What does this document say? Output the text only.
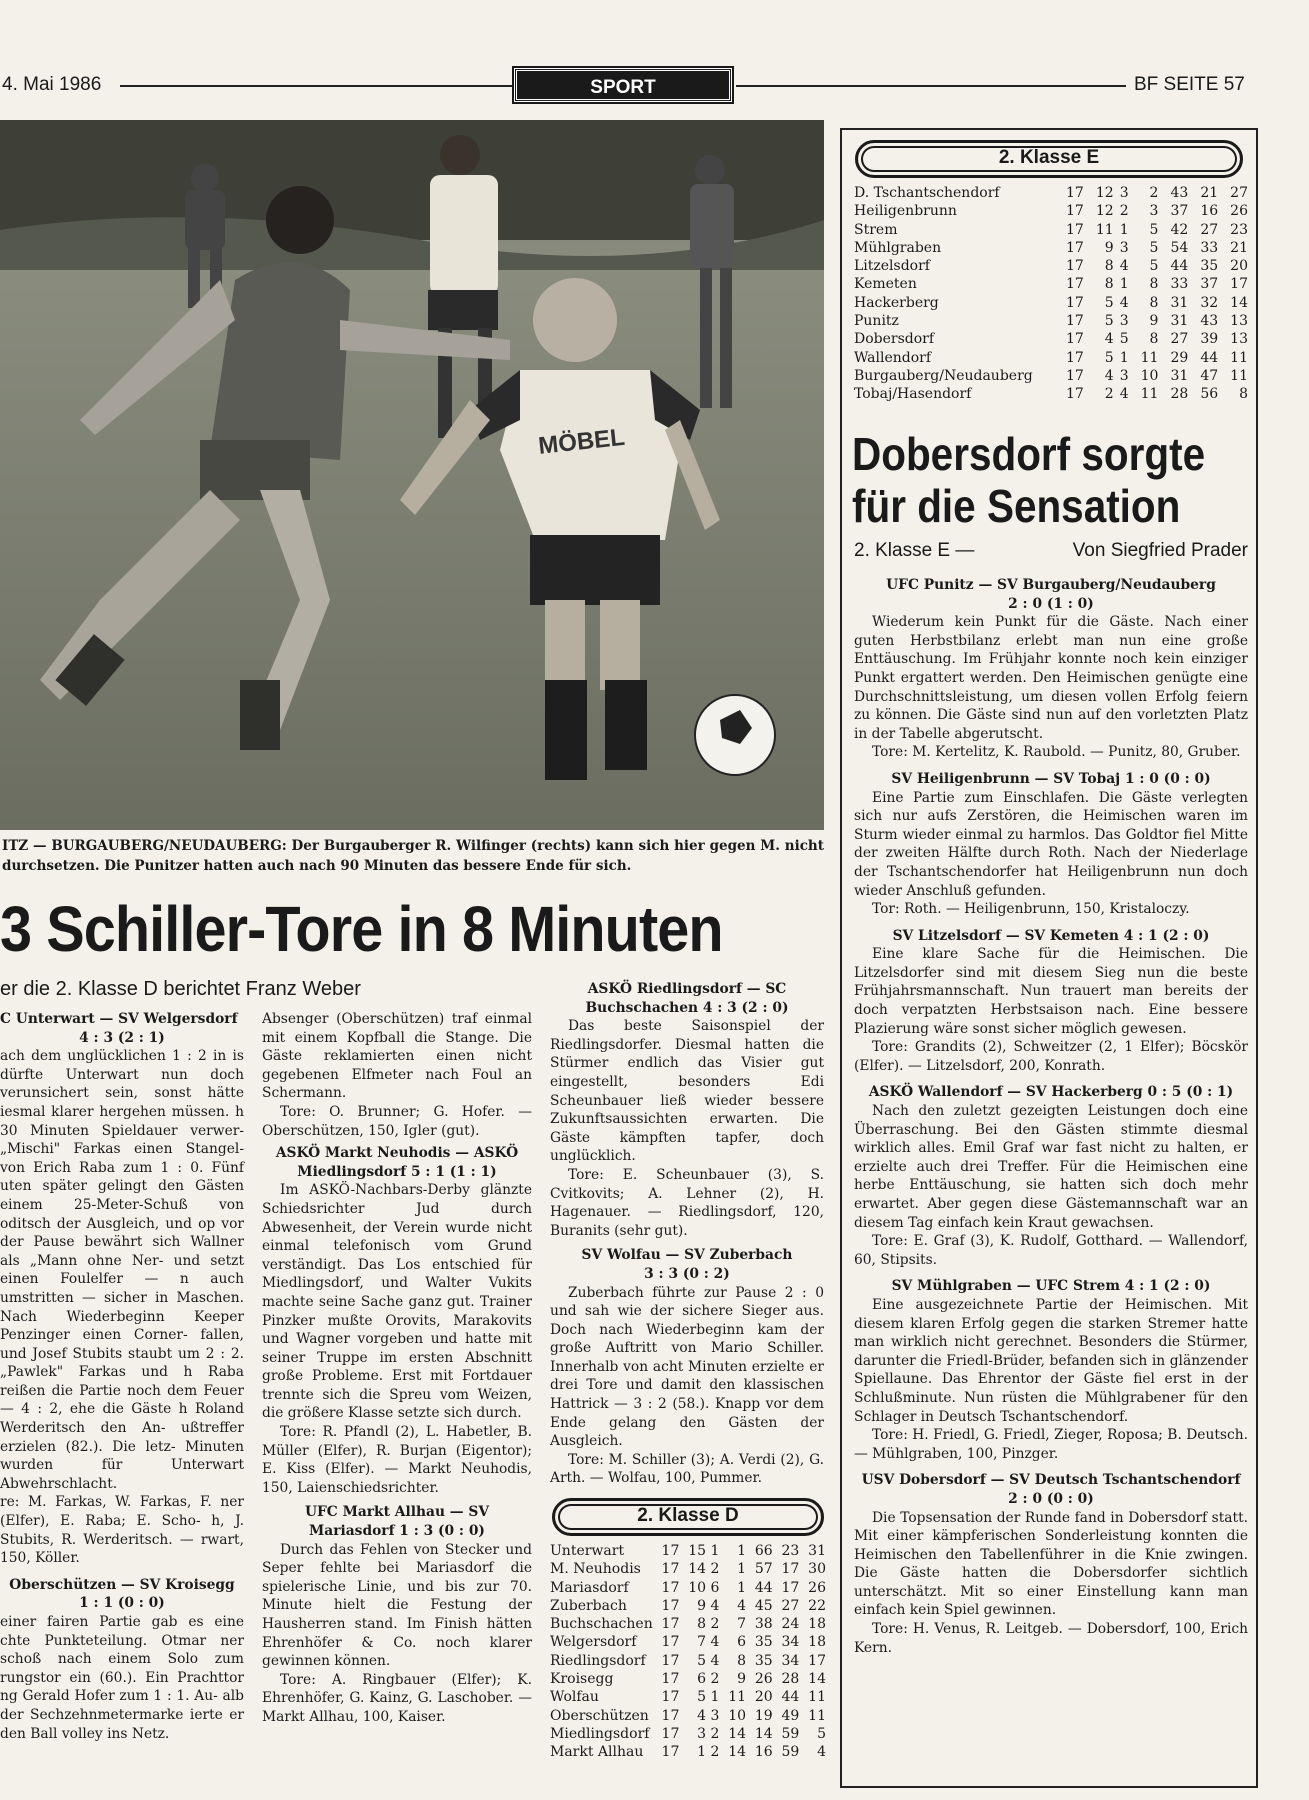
4. Mai 1986	SPORT	BF SEITE 57
MÖBEL
ITZ — BURGAUBERG/NEUDAUBERG: Der Burgauberger R. Wilfinger (rechts) kann sich hier gegen M. nicht durchsetzen. Die Punitzer hatten auch nach 90 Minuten das bessere Ende für sich.
3 Schiller-Tore in 8 Minuten
er die 2. Klasse D berichtet Franz Weber

C Unterwart — SV Welgersdorf

4 : 3 (2 : 1)

ach dem unglücklichen 1 : 2 in is dürfte Unterwart nun doch verunsichert sein, sonst hätte iesmal klarer hergehen müssen. h 30 Minuten Spieldauer verwer- „Mischi" Farkas einen Stangel- von Erich Raba zum 1 : 0. Fünf uten später gelingt den Gästen einem 25-Meter-Schuß von oditsch der Ausgleich, und op vor der Pause bewährt sich Wallner als „Mann ohne Ner- und setzt einen Foulelfer — n auch umstritten — sicher in Maschen. Nach Wiederbeginn Keeper Penzinger einen Corner- fallen, und Josef Stubits staubt um 2 : 2. „Pawlek" Farkas und h Raba reißen die Partie noch dem Feuer — 4 : 2, ehe die Gäste h Roland Werderitsch den An- ußtreffer erzielen (82.). Die letz- Minuten wurden für Unterwart Abwehrschlacht.

re: M. Farkas, W. Farkas, F. ner (Elfer), E. Raba; E. Scho- h, J. Stubits, R. Werderitsch. — rwart, 150, Köller.

Oberschützen — SV Kroisegg

1 : 1 (0 : 0)

einer fairen Partie gab es eine chte Punkteteilung. Otmar ner schoß nach einem Solo zum rungstor ein (60.). Ein Prachttor ng Gerald Hofer zum 1 : 1. Au- alb der Sechzehnmetermarke ierte er den Ball volley ins Netz.

Absenger (Oberschützen) traf einmal mit einem Kopfball die Stange. Die Gäste reklamierten einen nicht gegebenen Elfmeter nach Foul an Schermann.

Tore: O. Brunner; G. Hofer. — Oberschützen, 150, Igler (gut).

ASKÖ Markt Neuhodis — ASKÖ Miedlingsdorf 5 : 1 (1 : 1)

Im ASKÖ-Nachbars-Derby glänzte Schiedsrichter Jud durch Abwesenheit, der Verein wurde nicht einmal telefonisch vom Grund verständigt. Das Los entschied für Miedlingsdorf, und Walter Vukits machte seine Sache ganz gut. Trainer Pinzker mußte Orovits, Marakovits und Wagner vorgeben und hatte mit seiner Truppe im ersten Abschnitt große Probleme. Erst mit Fortdauer trennte sich die Spreu vom Weizen, die größere Klasse setzte sich durch.

Tore: R. Pfandl (2), L. Habetler, B. Müller (Elfer), R. Burjan (Eigentor); E. Kiss (Elfer). — Markt Neuhodis, 150, Laienschiedsrichter.

UFC Markt Allhau — SV Mariasdorf 1 : 3 (0 : 0)

Durch das Fehlen von Stecker und Seper fehlte bei Mariasdorf die spielerische Linie, und bis zur 70. Minute hielt die Festung der Hausherren stand. Im Finish hätten Ehrenhöfer & Co. noch klarer gewinnen können.

Tore: A. Ringbauer (Elfer); K. Ehrenhöfer, G. Kainz, G. Laschober. — Markt Allhau, 100, Kaiser.

ASKÖ Riedlingsdorf — SC Buchschachen 4 : 3 (2 : 0)

Das beste Saisonspiel der Riedlingsdorfer. Diesmal hatten die Stürmer endlich das Visier gut eingestellt, besonders Edi Scheunbauer ließ wieder bessere Zukunftsaussichten erwarten. Die Gäste kämpften tapfer, doch unglücklich.

Tore: E. Scheunbauer (3), S. Cvitkovits; A. Lehner (2), H. Hagenauer. — Riedlingsdorf, 120, Buranits (sehr gut).

SV Wolfau — SV Zuberbach

3 : 3 (0 : 2)

Zuberbach führte zur Pause 2 : 0 und sah wie der sichere Sieger aus. Doch nach Wiederbeginn kam der große Auftritt von Mario Schiller. Innerhalb von acht Minuten erzielte er drei Tore und damit den klassischen Hattrick — 3 : 2 (58.). Knapp vor dem Ende gelang den Gästen der Ausgleich.

Tore: M. Schiller (3); A. Verdi (2), G. Arth. — Wolfau, 100, Pummer.

2. Klasse D
Unterwart	17	15	1	1	66	23	31
M. Neuhodis	17	14	2	1	57	17	30
Mariasdorf	17	10	6	1	44	17	26
Zuberbach	17	9	4	4	45	27	22
Buchschachen	17	8	2	7	38	24	18
Welgersdorf	17	7	4	6	35	34	18
Riedlingsdorf	17	5	4	8	35	34	17
Kroisegg	17	6	2	9	26	28	14
Wolfau	17	5	1	11	20	44	11
Oberschützen	17	4	3	10	19	49	11
Miedlingsdorf	17	3	2	14	14	59	5
Markt Allhau	17	1	2	14	16	59	4
2. Klasse E
D. Tschantschendorf	17	12	3	2	43	21	27
Heiligenbrunn	17	12	2	3	37	16	26
Strem	17	11	1	5	42	27	23
Mühlgraben	17	9	3	5	54	33	21
Litzelsdorf	17	8	4	5	44	35	20
Kemeten	17	8	1	8	33	37	17
Hackerberg	17	5	4	8	31	32	14
Punitz	17	5	3	9	31	43	13
Dobersdorf	17	4	5	8	27	39	13
Wallendorf	17	5	1	11	29	44	11
Burgauberg/Neudauberg	17	4	3	10	31	47	11
Tobaj/Hasendorf	17	2	4	11	28	56	8
Dobersdorf sorgte
für die Sensation
2. Klasse E —	Von Siegfried Prader

UFC Punitz — SV Burgauberg/Neudauberg

2 : 0 (1 : 0)

Wiederum kein Punkt für die Gäste. Nach einer guten Herbstbilanz erlebt man nun eine große Enttäuschung. Im Frühjahr konnte noch kein einziger Punkt ergattert werden. Den Heimischen genügte eine Durchschnittsleistung, um diesen vollen Erfolg feiern zu können. Die Gäste sind nun auf den vorletzten Platz in der Tabelle abgerutscht.

Tore: M. Kertelitz, K. Raubold. — Punitz, 80, Gruber.

SV Heiligenbrunn — SV Tobaj 1 : 0 (0 : 0)

Eine Partie zum Einschlafen. Die Gäste verlegten sich nur aufs Zerstören, die Heimischen waren im Sturm wieder einmal zu harmlos. Das Goldtor fiel Mitte der zweiten Hälfte durch Roth. Nach der Niederlage der Tschantschendorfer hat Heiligenbrunn nun doch wieder Anschluß gefunden.

Tor: Roth. — Heiligenbrunn, 150, Kristaloczy.

SV Litzelsdorf — SV Kemeten 4 : 1 (2 : 0)

Eine klare Sache für die Heimischen. Die Litzelsdorfer sind mit diesem Sieg nun die beste Frühjahrsmannschaft. Nun trauert man bereits der doch verpatzten Herbstsaison nach. Eine bessere Plazierung wäre sonst sicher möglich gewesen.

Tore: Grandits (2), Schweitzer (2, 1 Elfer); Böcskör (Elfer). — Litzelsdorf, 200, Konrath.

ASKÖ Wallendorf — SV Hackerberg 0 : 5 (0 : 1)

Nach den zuletzt gezeigten Leistungen doch eine Überraschung. Bei den Gästen stimmte diesmal wirklich alles. Emil Graf war fast nicht zu halten, er erzielte auch drei Treffer. Für die Heimischen eine herbe Enttäuschung, sie hatten sich doch mehr erwartet. Aber gegen diese Gästemannschaft war an diesem Tag einfach kein Kraut gewachsen.

Tore: E. Graf (3), K. Rudolf, Gotthard. — Wallendorf, 60, Stipsits.

SV Mühlgraben — UFC Strem 4 : 1 (2 : 0)

Eine ausgezeichnete Partie der Heimischen. Mit diesem klaren Erfolg gegen die starken Stremer hatte man wirklich nicht gerechnet. Besonders die Stürmer, darunter die Friedl-Brüder, befanden sich in glänzender Spiellaune. Das Ehrentor der Gäste fiel erst in der Schlußminute. Nun rüsten die Mühlgrabener für den Schlager in Deutsch Tschantschendorf.

Tore: H. Friedl, G. Friedl, Zieger, Roposa; B. Deutsch. — Mühlgraben, 100, Pinzger.

USV Dobersdorf — SV Deutsch Tschantschendorf

2 : 0 (0 : 0)

Die Topsensation der Runde fand in Dobersdorf statt. Mit einer kämpferischen Sonderleistung konnten die Heimischen den Tabellenführer in die Knie zwingen. Die Gäste hatten die Dobersdorfer sichtlich unterschätzt. Mit so einer Einstellung kann man einfach kein Spiel gewinnen.

Tore: H. Venus, R. Leitgeb. — Dobersdorf, 100, Erich Kern.
